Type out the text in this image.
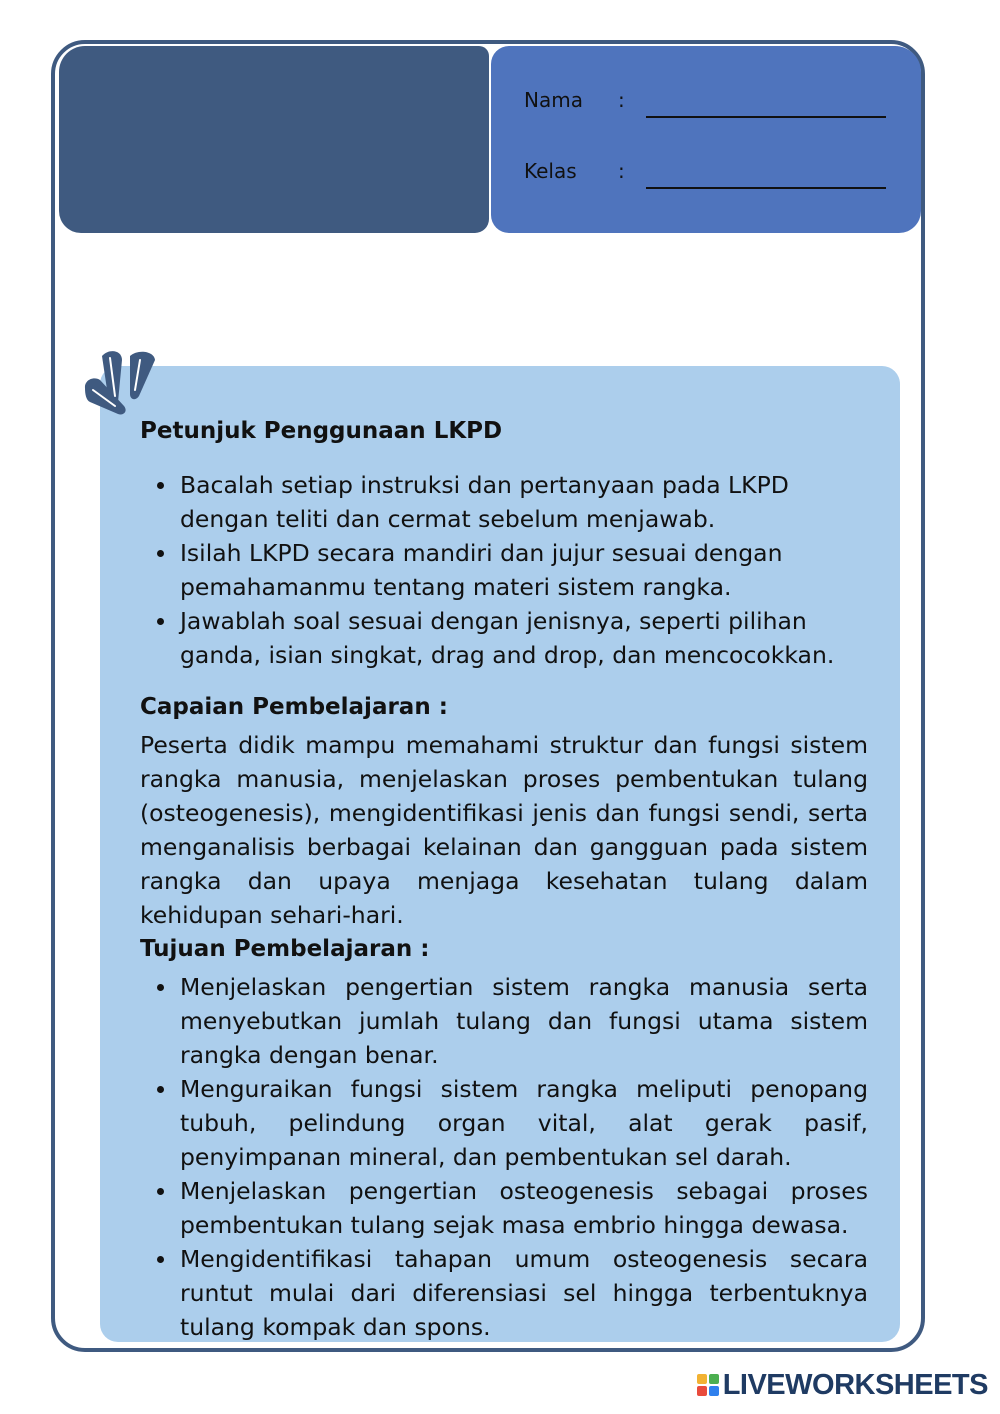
Nama :
Kelas :
Petunjuk Penggunaan LKPD
Bacalah setiap instruksi dan pertanyaan pada LKPD dengan teliti dan cermat sebelum menjawab.
Isilah LKPD secara mandiri dan jujur sesuai dengan pemahamanmu tentang materi sistem rangka.
Jawablah soal sesuai dengan jenisnya, seperti pilihan ganda, isian singkat, drag and drop, dan mencocokkan.
Capaian Pembelajaran :

Peserta didik mampu memahami struktur dan fungsi sistem rangka manusia, menjelaskan proses pembentukan tulang (osteogenesis), mengidentifikasi jenis dan fungsi sendi, serta menganalisis berbagai kelainan dan gangguan pada sistem rangka dan upaya menjaga kesehatan tulang dalam kehidupan sehari-hari.

Tujuan Pembelajaran :
Menjelaskan pengertian sistem rangka manusia serta menyebutkan jumlah tulang dan fungsi utama sistem rangka dengan benar.
Menguraikan fungsi sistem rangka meliputi penopang tubuh, pelindung organ vital, alat gerak pasif, penyimpanan mineral, dan pembentukan sel darah.
Menjelaskan pengertian osteogenesis sebagai proses pembentukan tulang sejak masa embrio hingga dewasa.
Mengidentifikasi tahapan umum osteogenesis secara runtut mulai dari diferensiasi sel hingga terbentuknya tulang kompak dan spons.
LIVEWORKSHEETS
